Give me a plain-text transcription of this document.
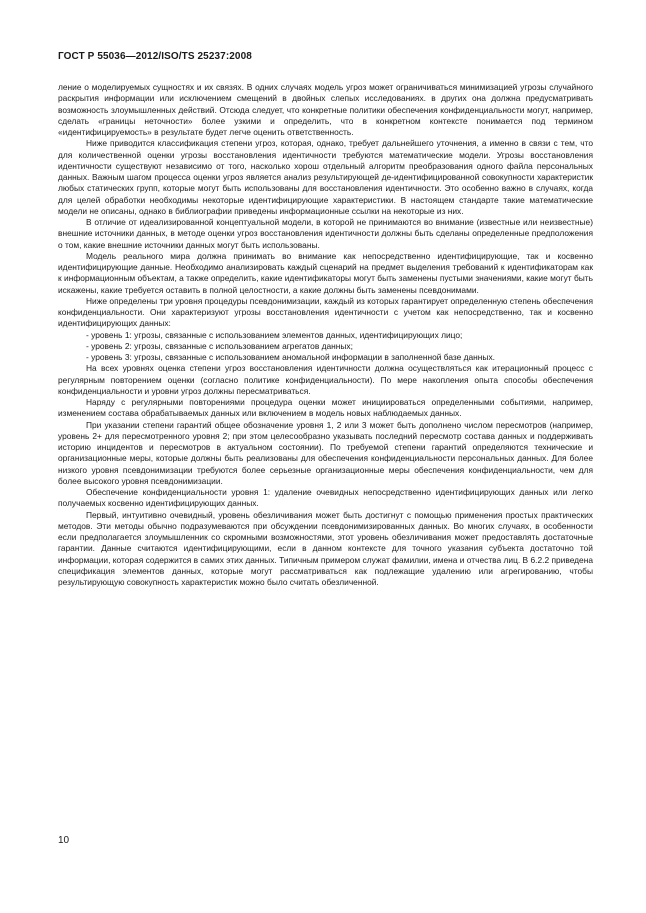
ГОСТ Р 55036—2012/ISO/TS 25237:2008

ление о моделируемых сущностях и их связях. В одних случаях модель угроз может ограничиваться минимизацией угрозы случайного раскрытия информации или исключением смещений в двойных слепых исследованиях. в других она должна предусматривать возможность злоумышленных действий. Отсюда следует, что конкретные политики обеспечения конфиденциальности могут, например, сделать «границы неточности» более узкими и определить, что в конкретном контексте понимается под термином «идентифицируемость» в результате будет легче оценить ответственность.

Ниже приводится классификация степени угроз, которая, однако, требует дальнейшего уточнения, а именно в связи с тем, что для количественной оценки угрозы восстановления идентичности требуются математические модели. Угрозы восстановления идентичности существуют независимо от того, насколько хорош отдельный алгоритм преобразования одного файла персональных данных. Важным шагом процесса оценки угроз является анализ результирующей де-идентифицированной совокупности характеристик любых статических групп, которые могут быть использованы для восстановления идентичности. Это особенно важно в случаях, когда для целей обработки необходимы некоторые идентифицирующие характеристики. В настоящем стандарте такие математические модели не описаны, однако в библиографии приведены информационные ссылки на некоторые из них.

В отличие от идеализированной концептуальной модели, в которой не принимаются во внимание (известные или неизвестные) внешние источники данных, в методе оценки угроз восстановления идентичности должны быть сделаны определенные предположения о том, какие внешние источники данных могут быть использованы.

Модель реального мира должна принимать во внимание как непосредственно идентифицирующие, так и косвенно идентифицирующие данные. Необходимо анализировать каждый сценарий на предмет выделения требований к идентификаторам как к информационным объектам, а также определить, какие идентификаторы могут быть заменены пустыми значениями, какие могут быть искажены, какие требуется оставить в полной целостности, а какие должны быть заменены псевдонимами.

Ниже определены три уровня процедуры псевдонимизации, каждый из которых гарантирует определенную степень обеспечения конфиденциальности. Они характеризуют угрозы восстановления идентичности с учетом как непосредственно, так и косвенно идентифицирующих данных:

- уровень 1: угрозы, связанные с использованием элементов данных, идентифицирующих лицо;

- уровень 2: угрозы, связанные с использованием агрегатов данных;

- уровень 3: угрозы, связанные с использованием аномальной информации в заполненной базе данных.

На всех уровнях оценка степени угроз восстановления идентичности должна осуществляться как итерационный процесс с регулярным повторением оценки (согласно политике конфиденциальности). По мере накопления опыта способы обеспечения конфиденциальности и уровни угроз должны пересматриваться.

Наряду с регулярными повторениями процедура оценки может инициироваться определенными событиями, например, изменением состава обрабатываемых данных или включением в модель новых наблюдаемых данных.

При указании степени гарантий общее обозначение уровня 1, 2 или 3 может быть дополнено числом пересмотров (например, уровень 2+ для пересмотренного уровня 2; при этом целесообразно указывать последний пересмотр состава данных и поддерживать историю инцидентов и пересмотров в актуальном состоянии). По требуемой степени гарантий определяются технические и организационные меры, которые должны быть реализованы для обеспечения конфиденциальности персональных данных. Для более низкого уровня псевдонимизации требуются более серьезные организационные меры обеспечения конфиденциальности, чем для более высокого уровня псевдонимизации.

Обеспечение конфиденциальности уровня 1: удаление очевидных непосредственно идентифицирующих данных или легко получаемых косвенно идентифицирующих данных.

Первый, интуитивно очевидный, уровень обезличивания может быть достигнут с помощью применения простых практических методов. Эти методы обычно подразумеваются при обсуждении псевдонимизированных данных. Во многих случаях, в особенности если предполагается злоумышленник со скромными возможностями, этот уровень обезличивания может предоставлять достаточные гарантии. Данные считаются идентифицирующими, если в данном контексте для точного указания субъекта достаточно той информации, которая содержится в самих этих данных. Типичным примером служат фамилии, имена и отчества лиц. В 6.2.2 приведена спецификация элементов данных, которые могут рассматриваться как подлежащие удалению или агрегированию, чтобы результирующую совокупность характеристик можно было считать обезличенной.

10
